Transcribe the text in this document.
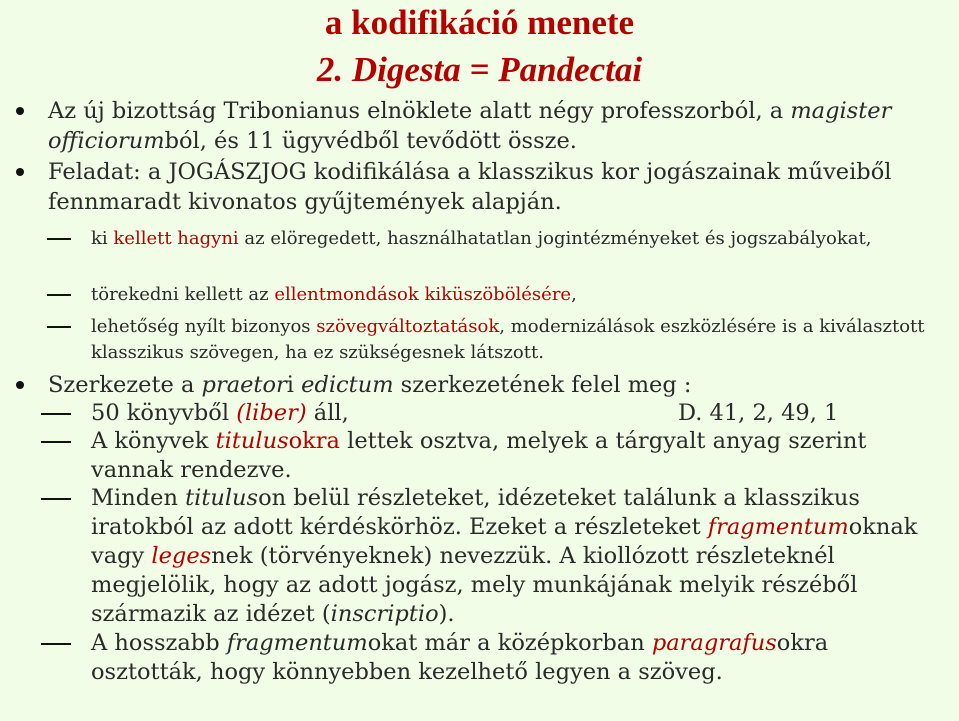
a kodifikáció menete
2. Digesta = Pandectai

Az új bizottság Tribonianus elnöklete alatt négy professzorból, a magister officiorumból, és 11 ügyvédből tevődött össze.

Feladat: a JOGÁSZJOG kodifikálása a klasszikus kor jogászainak műveiből fennmaradt kivonatos gyűjtemények alapján.

ki kellett hagyni az elöregedett, használhatatlan jogintézményeket és jogszabályokat,

törekedni kellett az ellentmondások kiküszöbölésére,

lehetőség nyílt bizonyos szövegváltoztatások, modernizálások eszközlésére is a kiválasztott klasszikus szövegen, ha ez szükségesnek látszott.

Szerkezete a praetori edictum szerkezetének felel meg :

50 könyvből (liber) áll,	D. 41, 2, 49, 1

A könyvek titulusokra lettek osztva, melyek a tárgyalt anyag szerint vannak rendezve.

Minden tituluson belül részleteket, idézeteket találunk a klasszikus iratokból az adott kérdéskörhöz. Ezeket a részleteket fragmentumoknak vagy legesnek (törvényeknek) nevezzük. A kiollózott részleteknél megjelölik, hogy az adott jogász, mely munkájának melyik részéből származik az idézet (inscriptio).

A hosszabb fragmentumokat már a középkorban paragrafusokra osztották, hogy könnyebben kezelhető legyen a szöveg.
